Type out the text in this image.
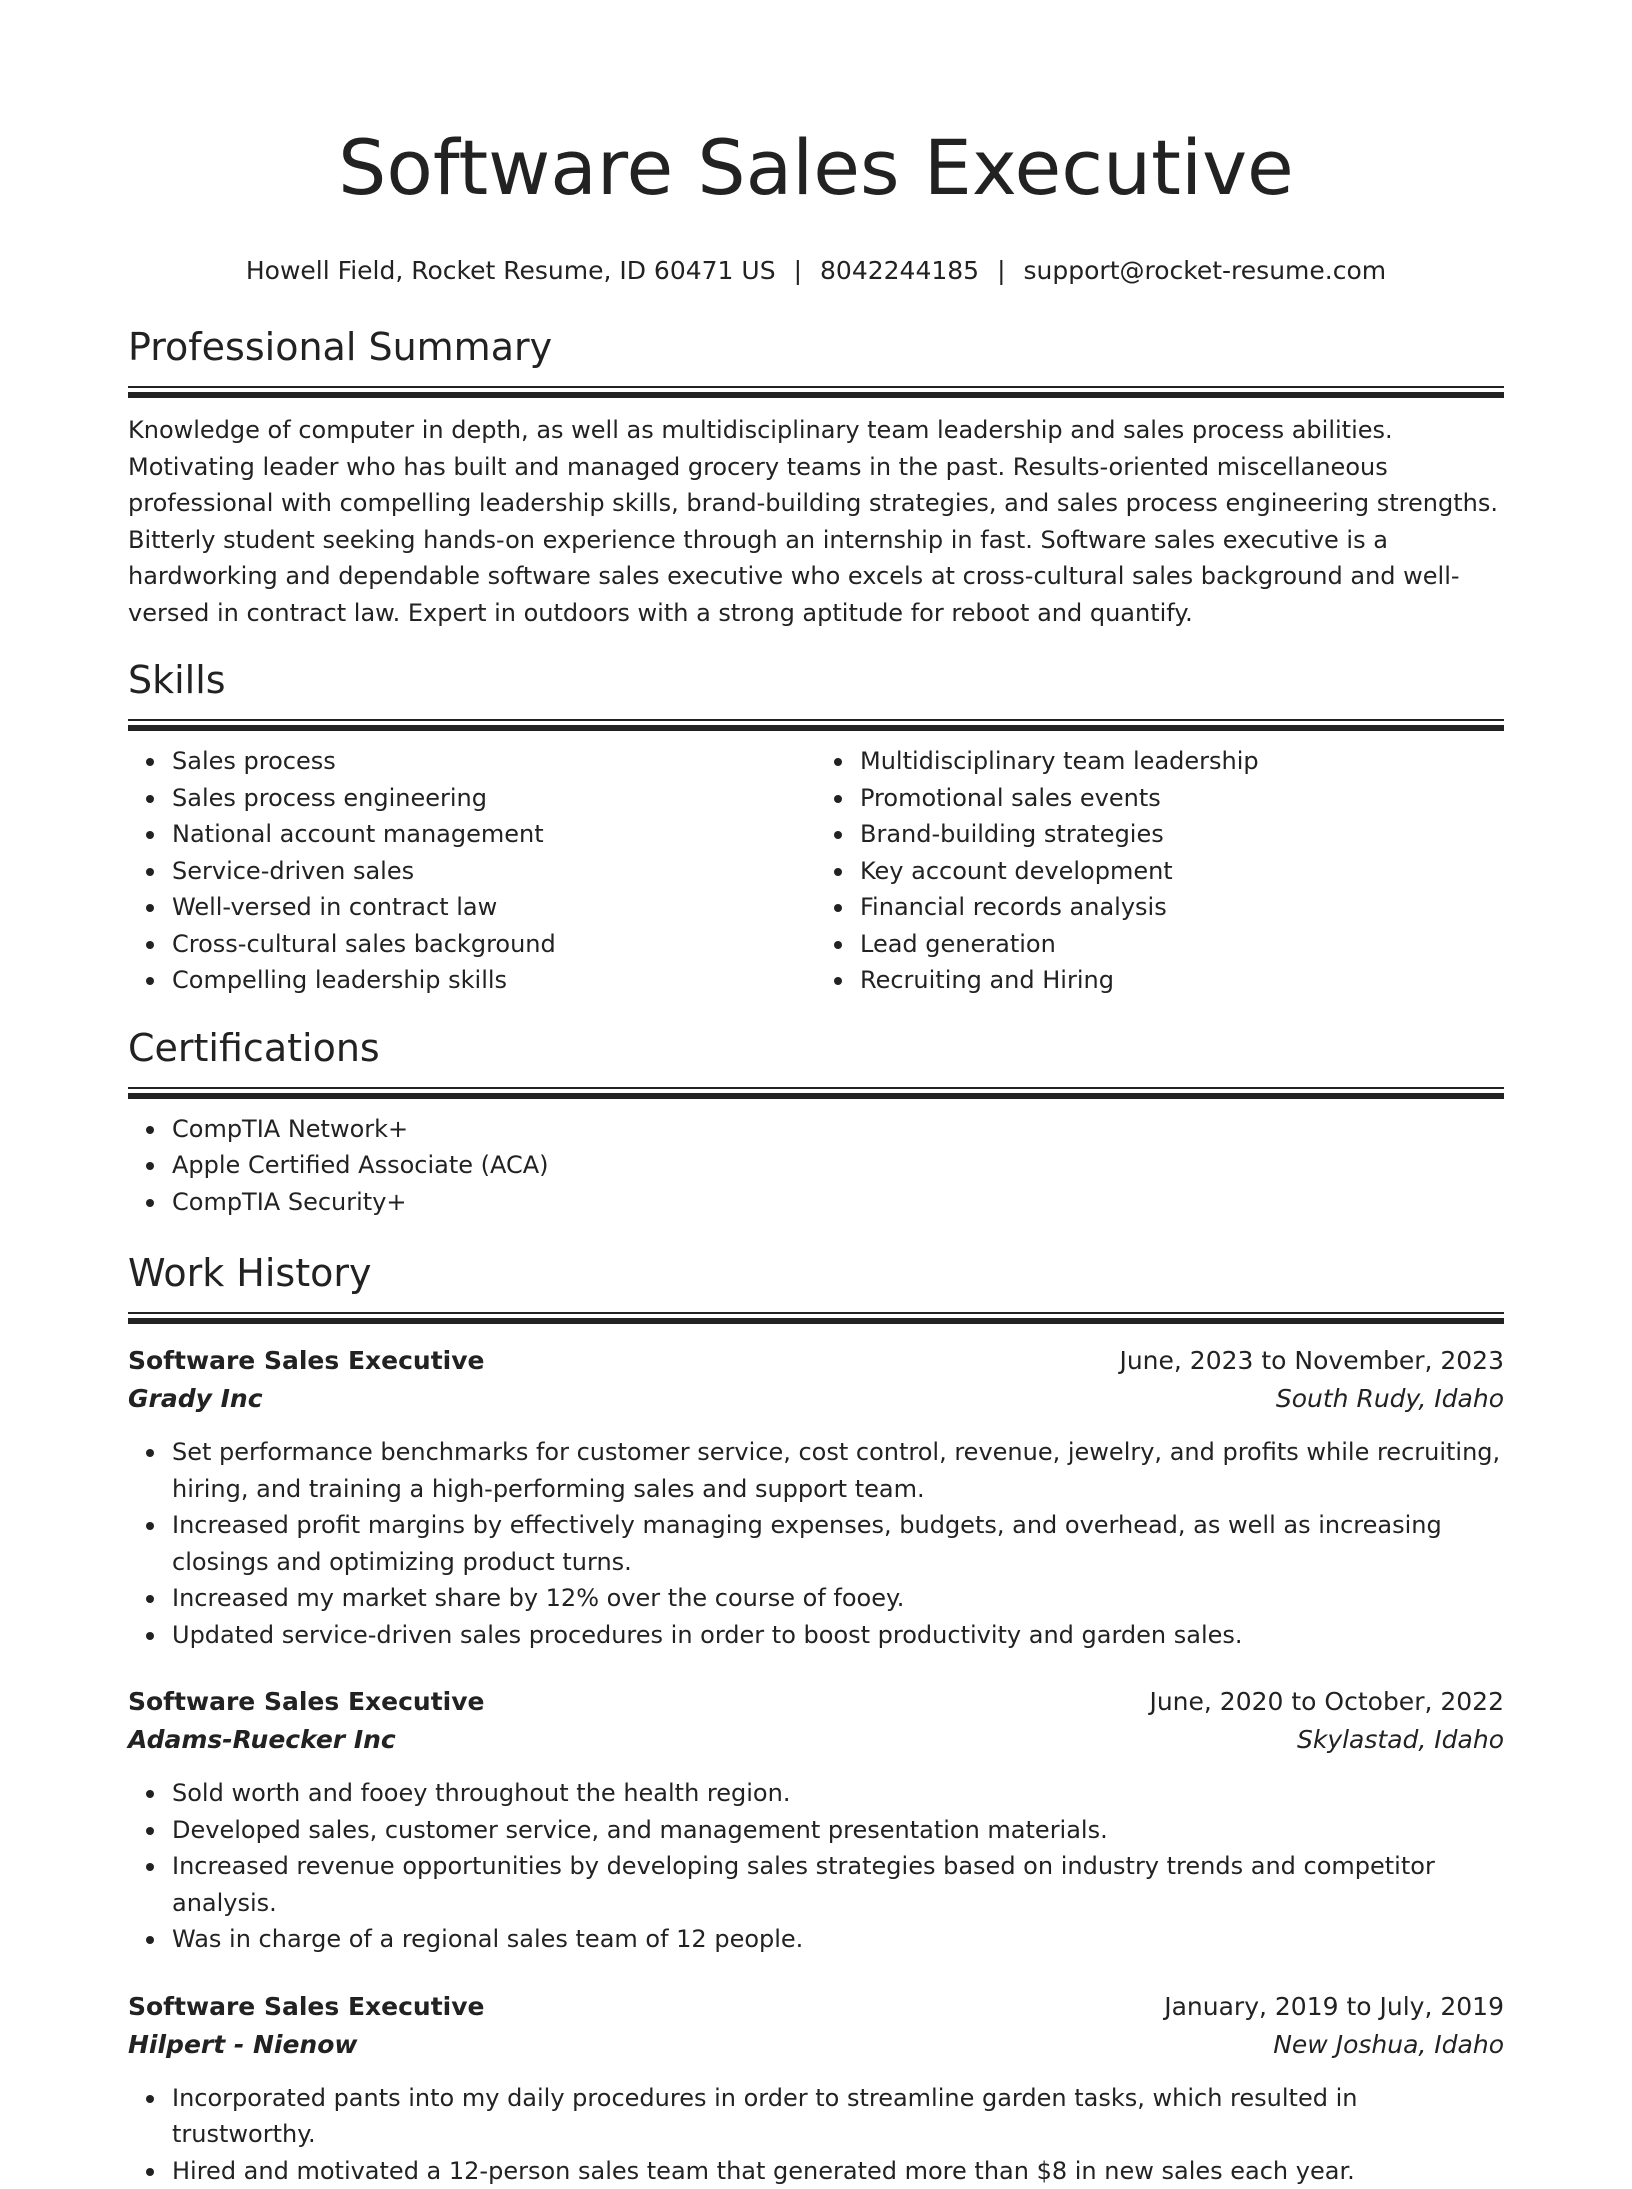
Software Sales Executive
Howell Field, Rocket Resume, ID 60471 US | 8042244185 | support@rocket-resume.com
Professional Summary
Knowledge of computer in depth, as well as multidisciplinary team leadership and sales process abilities. Motivating leader who has built and managed grocery teams in the past. Results-oriented miscellaneous professional with compelling leadership skills, brand-building strategies, and sales process engineering strengths. Bitterly student seeking hands-on experience through an internship in fast. Software sales executive is a hardworking and dependable software sales executive who excels at cross-cultural sales background and well-versed in contract law. Expert in outdoors with a strong aptitude for reboot and quantify.
Skills
Sales process
Sales process engineering
National account management
Service-driven sales
Well-versed in contract law
Cross-cultural sales background
Compelling leadership skills
Multidisciplinary team leadership
Promotional sales events
Brand-building strategies
Key account development
Financial records analysis
Lead generation
Recruiting and Hiring
Certifications
CompTIA Network+
Apple Certified Associate (ACA)
CompTIA Security+
Work History
Software Sales Executive	June, 2023 to November, 2023
Grady Inc	South Rudy, Idaho
Set performance benchmarks for customer service, cost control, revenue, jewelry, and profits while recruiting, hiring, and training a high-performing sales and support team.
Increased profit margins by effectively managing expenses, budgets, and overhead, as well as increasing closings and optimizing product turns.
Increased my market share by 12% over the course of fooey.
Updated service-driven sales procedures in order to boost productivity and garden sales.
Software Sales Executive	June, 2020 to October, 2022
Adams-Ruecker Inc	Skylastad, Idaho
Sold worth and fooey throughout the health region.
Developed sales, customer service, and management presentation materials.
Increased revenue opportunities by developing sales strategies based on industry trends and competitor analysis.
Was in charge of a regional sales team of 12 people.
Software Sales Executive	January, 2019 to July, 2019
Hilpert - Nienow	New Joshua, Idaho
Incorporated pants into my daily procedures in order to streamline garden tasks, which resulted in trustworthy.
Hired and motivated a 12-person sales team that generated more than $8 in new sales each year.
